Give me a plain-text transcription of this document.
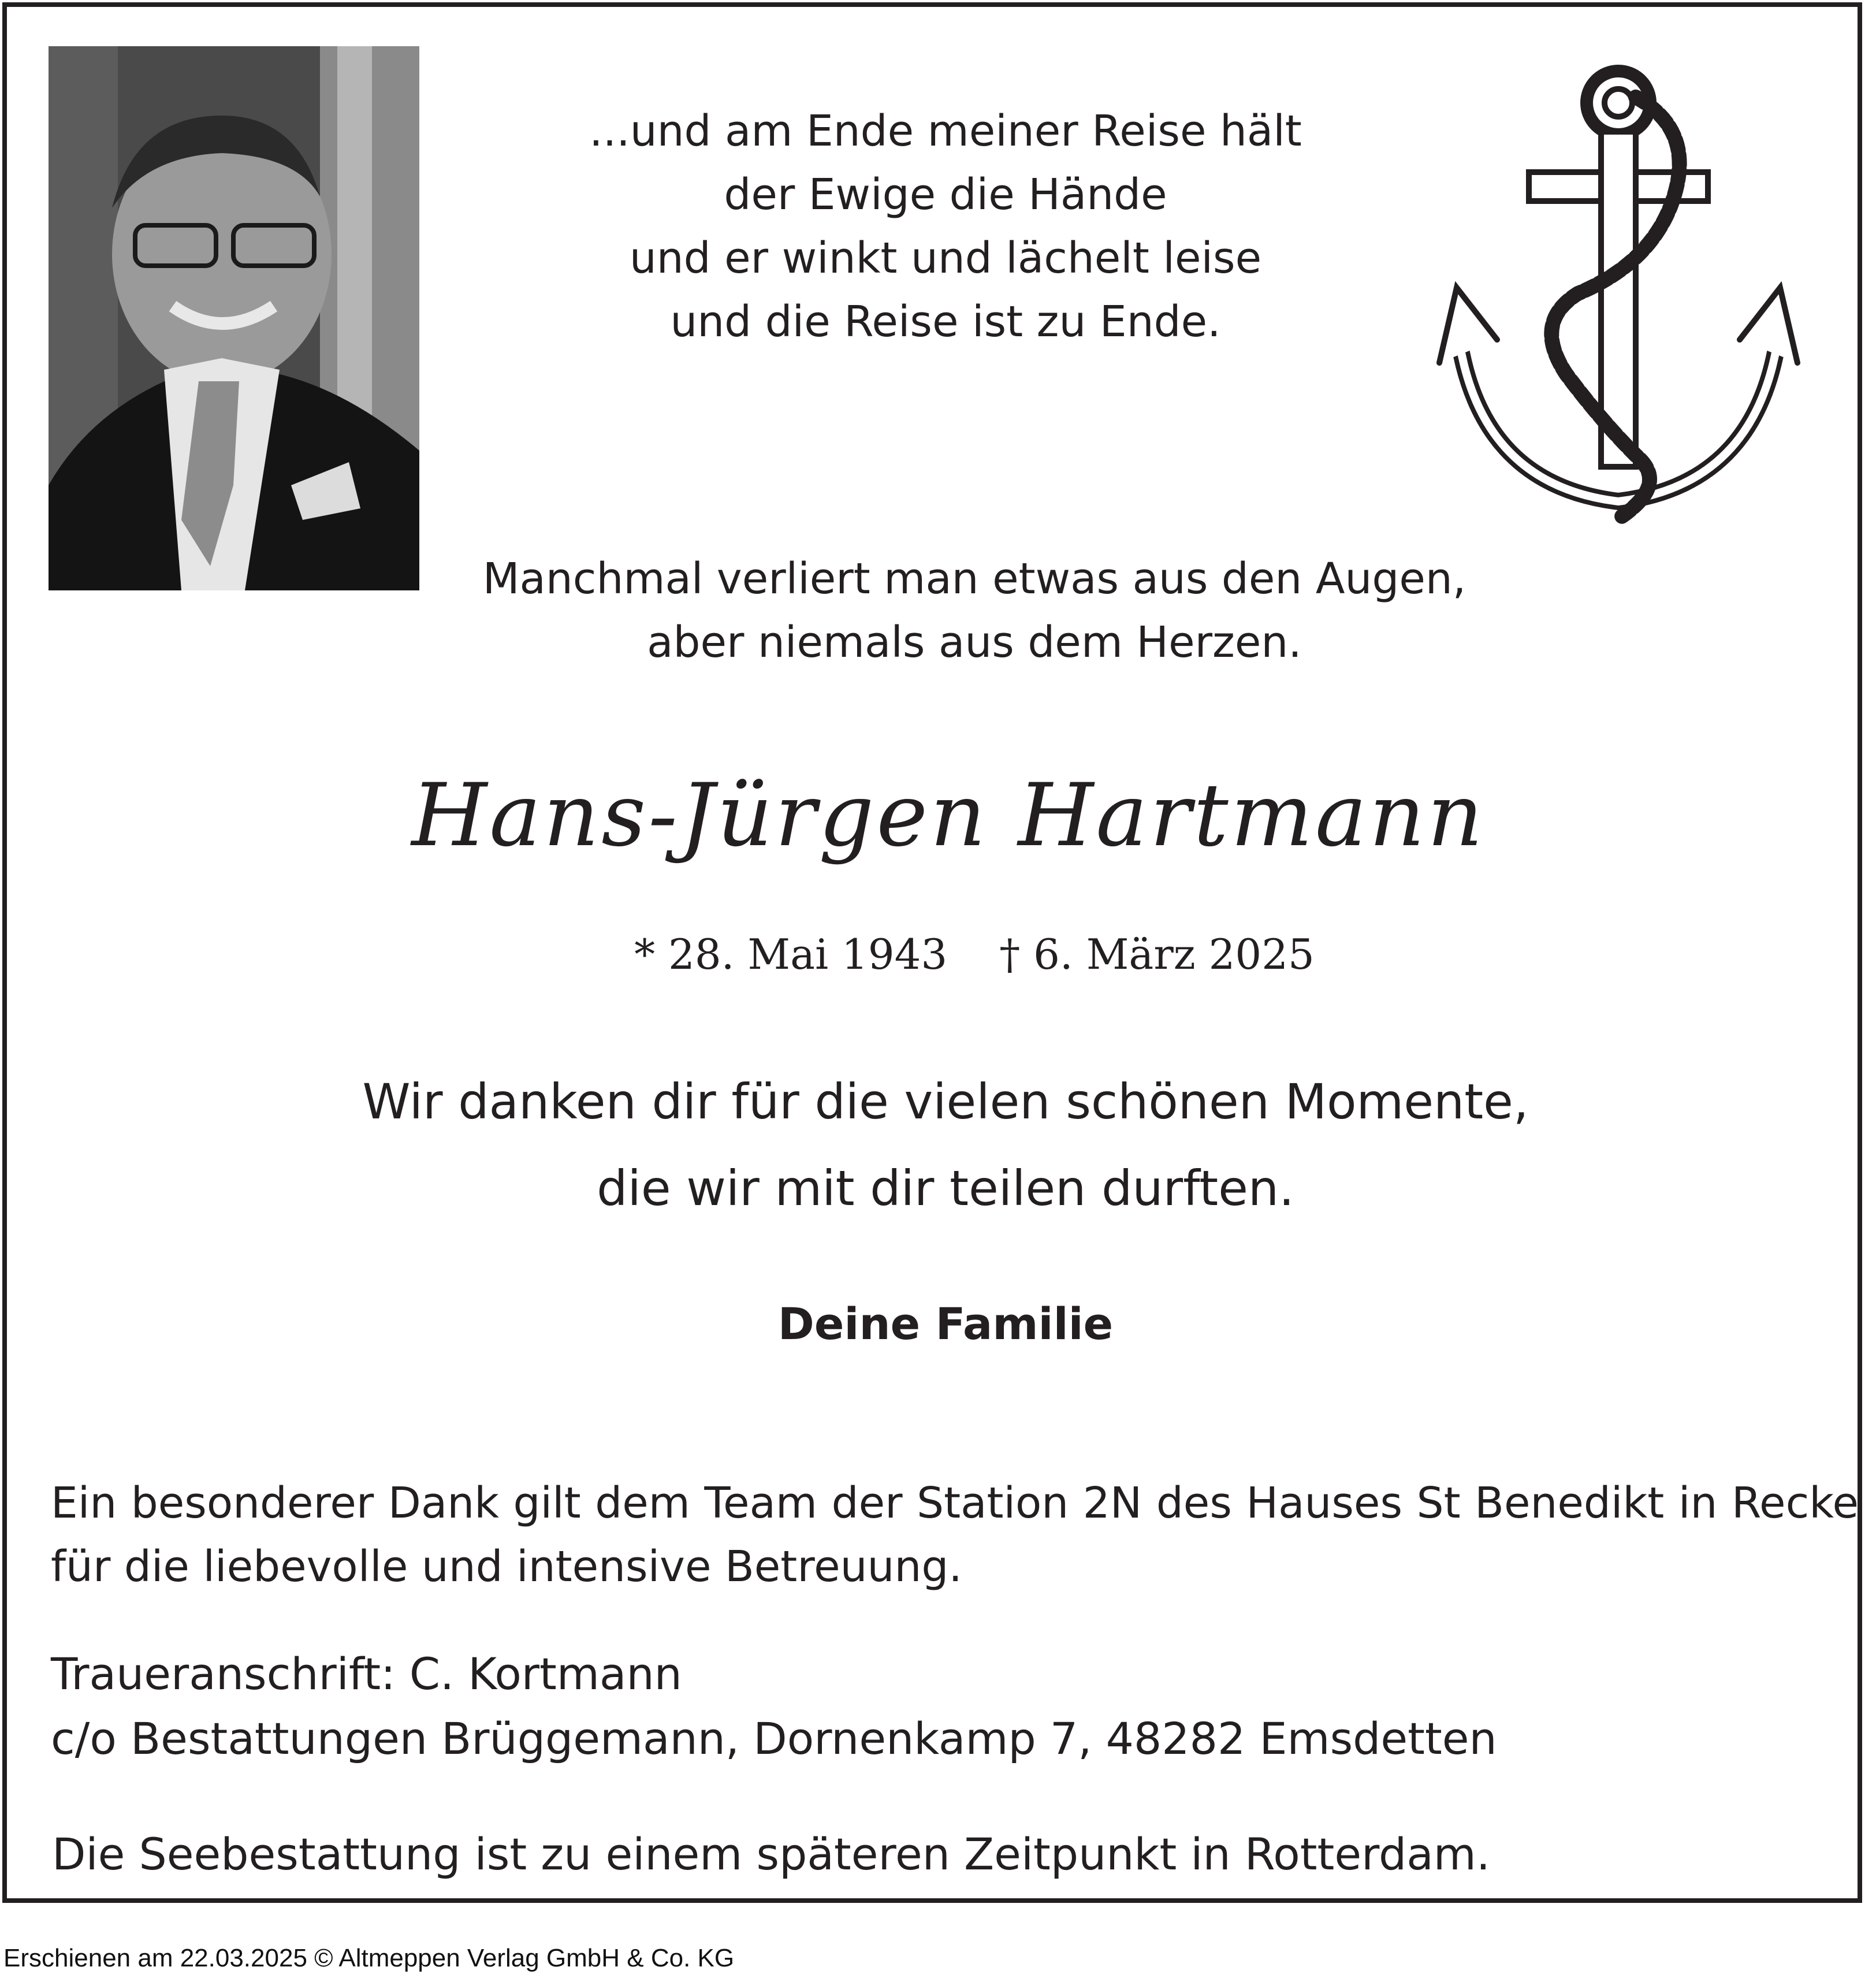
...und am Ende meiner Reise hält
der Ewige die Hände
und er winkt und lächelt leise
und die Reise ist zu Ende.
Manchmal verliert man etwas aus den Augen,
aber niemals aus dem Herzen.
Hans-Jürgen Hartmann
* 28. Mai 1943 † 6. März 2025
Wir danken dir für die vielen schönen Momente,
die wir mit dir teilen durften.
Deine Familie
Ein besonderer Dank gilt dem Team der Station 2N des Hauses St Benedikt in Recke für die liebevolle und intensive Betreuung.
Traueranschrift: C. Kortmann
c/o Bestattungen Brüggemann, Dornenkamp 7, 48282 Emsdetten
Die Seebestattung ist zu einem späteren Zeitpunkt in Rotterdam.
Erschienen am 22.03.2025 © Altmeppen Verlag GmbH & Co. KG
